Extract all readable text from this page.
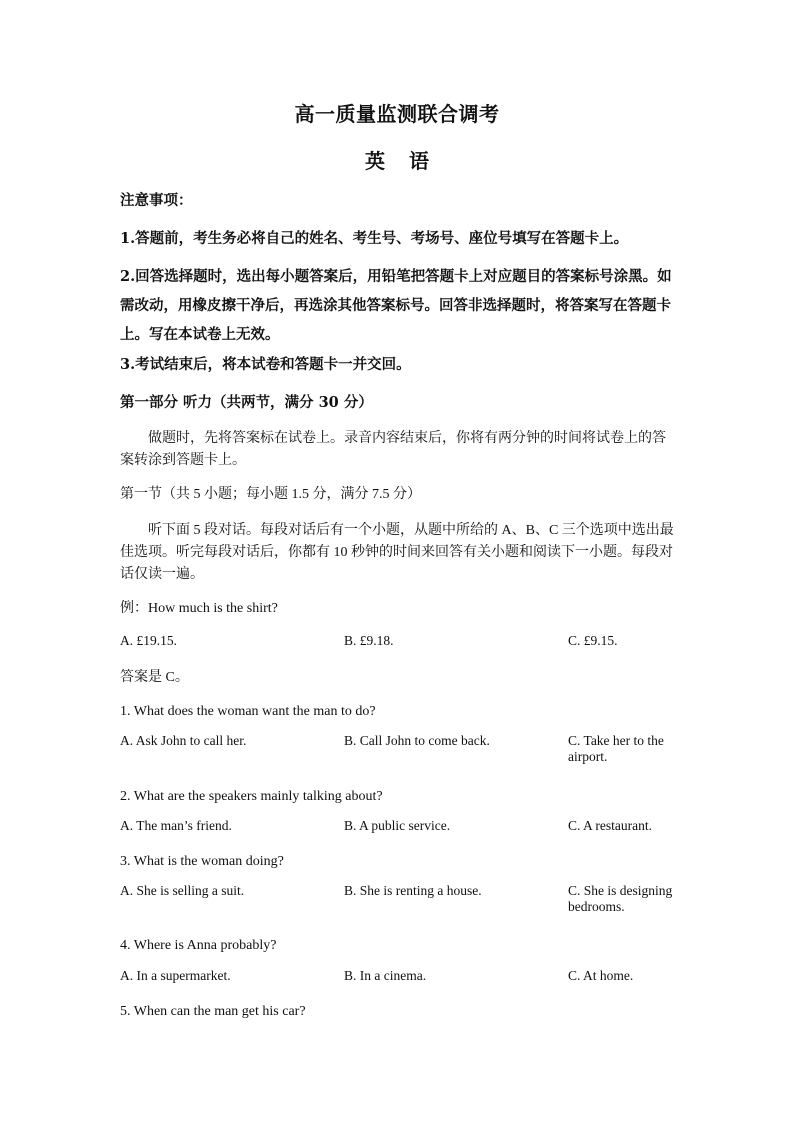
高一质量监测联合调考
英语
注意事项：
1.答题前，考生务必将自己的姓名、考生号、考场号、座位号填写在答题卡上。
2.回答选择题时，选出每小题答案后，用铅笔把答题卡上对应题目的答案标号涂黑。如需改动，用橡皮擦干净后，再选涂其他答案标号。回答非选择题时，将答案写在答题卡上。写在本试卷上无效。
3.考试结束后，将本试卷和答题卡一并交回。
第一部分 听力（共两节，满分 30 分）
做题时，先将答案标在试卷上。录音内容结束后，你将有两分钟的时间将试卷上的答案转涂到答题卡上。
第一节（共 5 小题；每小题 1.5 分，满分 7.5 分）
听下面 5 段对话。每段对话后有一个小题，从题中所给的 A、B、C 三个选项中选出最佳选项。听完每段对话后，你都有 10 秒钟的时间来回答有关小题和阅读下一小题。每段对话仅读一遍。
例：How much is the shirt?
A. £19.15.	B. £9.18.	C. £9.15.
答案是 C。
1. What does the woman want the man to do?
A. Ask John to call her.	B. Call John to come back.	C. Take her to the airport.
2. What are the speakers mainly talking about?
A. The man’s friend.	B. A public service.	C. A restaurant.
3. What is the woman doing?
A. She is selling a suit.	B. She is renting a house.	C. She is designing bedrooms.
4. Where is Anna probably?
A. In a supermarket.	B. In a cinema.	C. At home.
5. When can the man get his car?
